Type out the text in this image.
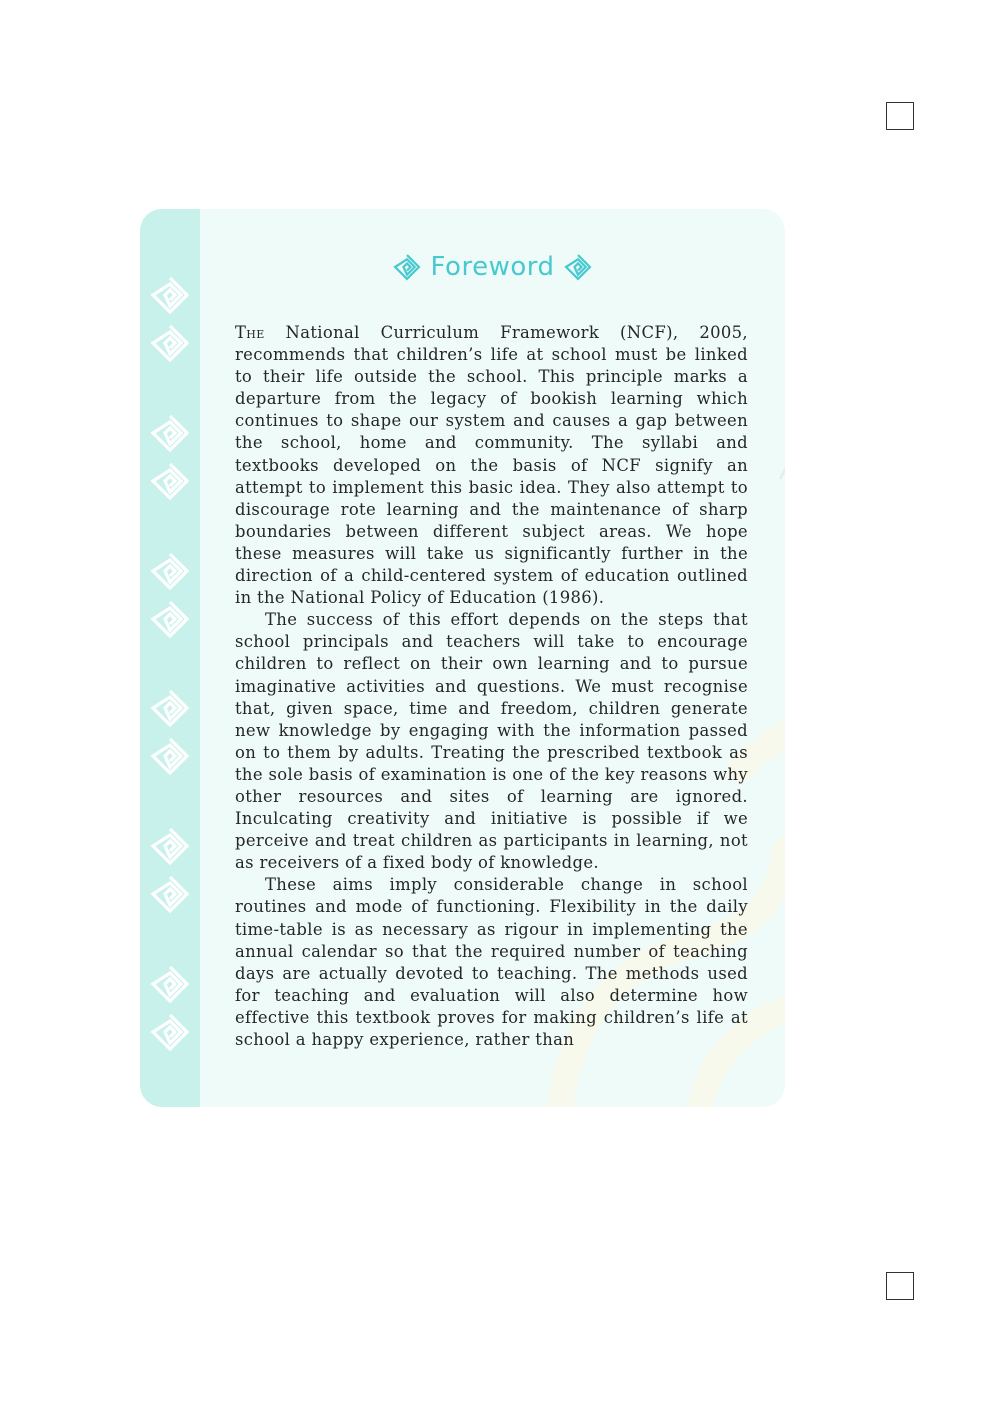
Foreword

The National Curriculum Framework (NCF), 2005, recommends that children’s life at school must be linked to their life outside the school. This principle marks a departure from the legacy of bookish learning which continues to shape our system and causes a gap between the school, home and community. The syllabi and textbooks developed on the basis of NCF signify an attempt to implement this basic idea. They also attempt to discourage rote learning and the maintenance of sharp boundaries between different subject areas. We hope these measures will take us significantly further in the direction of a child-centered system of education outlined in the National Policy of Education (1986).

The success of this effort depends on the steps that school principals and teachers will take to encourage children to reflect on their own learning and to pursue imaginative activities and questions. We must recognise that, given space, time and freedom, children generate new knowledge by engaging with the information passed on to them by adults. Treating the prescribed textbook as the sole basis of examination is one of the key reasons why other resources and sites of learning are ignored. Inculcating creativity and initiative is possible if we perceive and treat children as participants in learning, not as receivers of a fixed body of knowledge.

These aims imply considerable change in school routines and mode of functioning. Flexibility in the daily time-table is as necessary as rigour in implementing the annual calendar so that the required number of teaching days are actually devoted to teaching. The methods used for teaching and evaluation will also determine how effective this textbook proves for making children’s life at school a happy experience, rather than
